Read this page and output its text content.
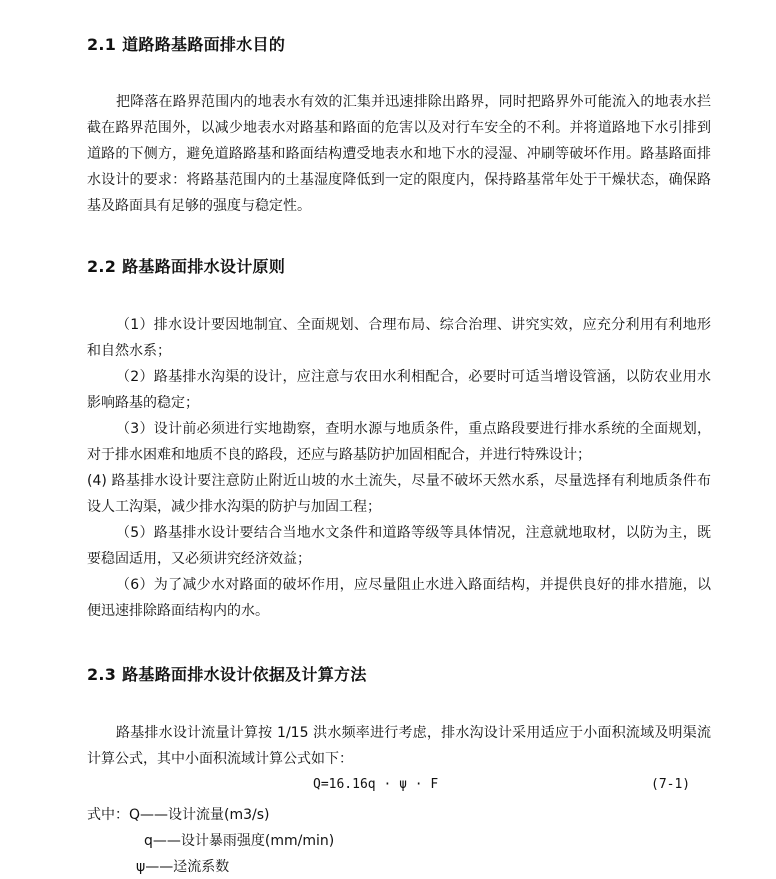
2.1 道路路基路面排水目的
把降落在路界范围内的地表水有效的汇集并迅速排除出路界，同时把路界外可能流入的地表水拦截在路界范围外，以减少地表水对路基和路面的危害以及对行车安全的不利。并将道路地下水引排到道路的下侧方，避免道路路基和路面结构遭受地表水和地下水的浸湿、冲刷等破坏作用。路基路面排水设计的要求：将路基范围内的土基湿度降低到一定的限度内，保持路基常年处于干燥状态，确保路基及路面具有足够的强度与稳定性。
2.2 路基路面排水设计原则
（1）排水设计要因地制宜、全面规划、合理布局、综合治理、讲究实效，应充分利用有利地形和自然水系；
（2）路基排水沟渠的设计，应注意与农田水利相配合，必要时可适当增设管涵，以防农业用水影响路基的稳定；
（3）设计前必须进行实地勘察，查明水源与地质条件，重点路段要进行排水系统的全面规划，对于排水困难和地质不良的路段，还应与路基防护加固相配合，并进行特殊设计；
(4) 路基排水设计要注意防止附近山坡的水土流失，尽量不破坏天然水系，尽量选择有利地质条件布设人工沟渠，减少排水沟渠的防护与加固工程；
（5）路基排水设计要结合当地水文条件和道路等级等具体情况，注意就地取材，以防为主，既要稳固适用，又必须讲究经济效益；
（6）为了减少水对路面的破坏作用，应尽量阻止水进入路面结构，并提供良好的排水措施，以便迅速排除路面结构内的水。
2.3 路基路面排水设计依据及计算方法
路基排水设计流量计算按 1/15 洪水频率进行考虑，排水沟设计采用适应于小面积流域及明渠流计算公式，其中小面积流域计算公式如下：
Q=16.16q · ψ · F	(7-1)
式中：Q——设计流量(m3/s)
q——设计暴雨强度(mm/min)
ψ——迳流系数
